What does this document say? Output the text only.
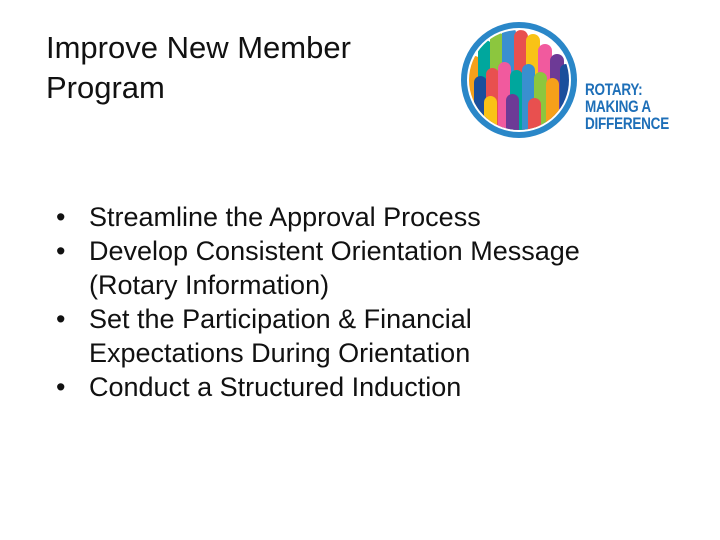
Improve New Member
Program	ROTARY:
MAKING A
DIFFERENCE
• Streamline the Approval Process
• Develop Consistent Orientation Message
(Rotary Information)
• Set the Participation & Financial
Expectations During Orientation
• Conduct a Structured Induction
